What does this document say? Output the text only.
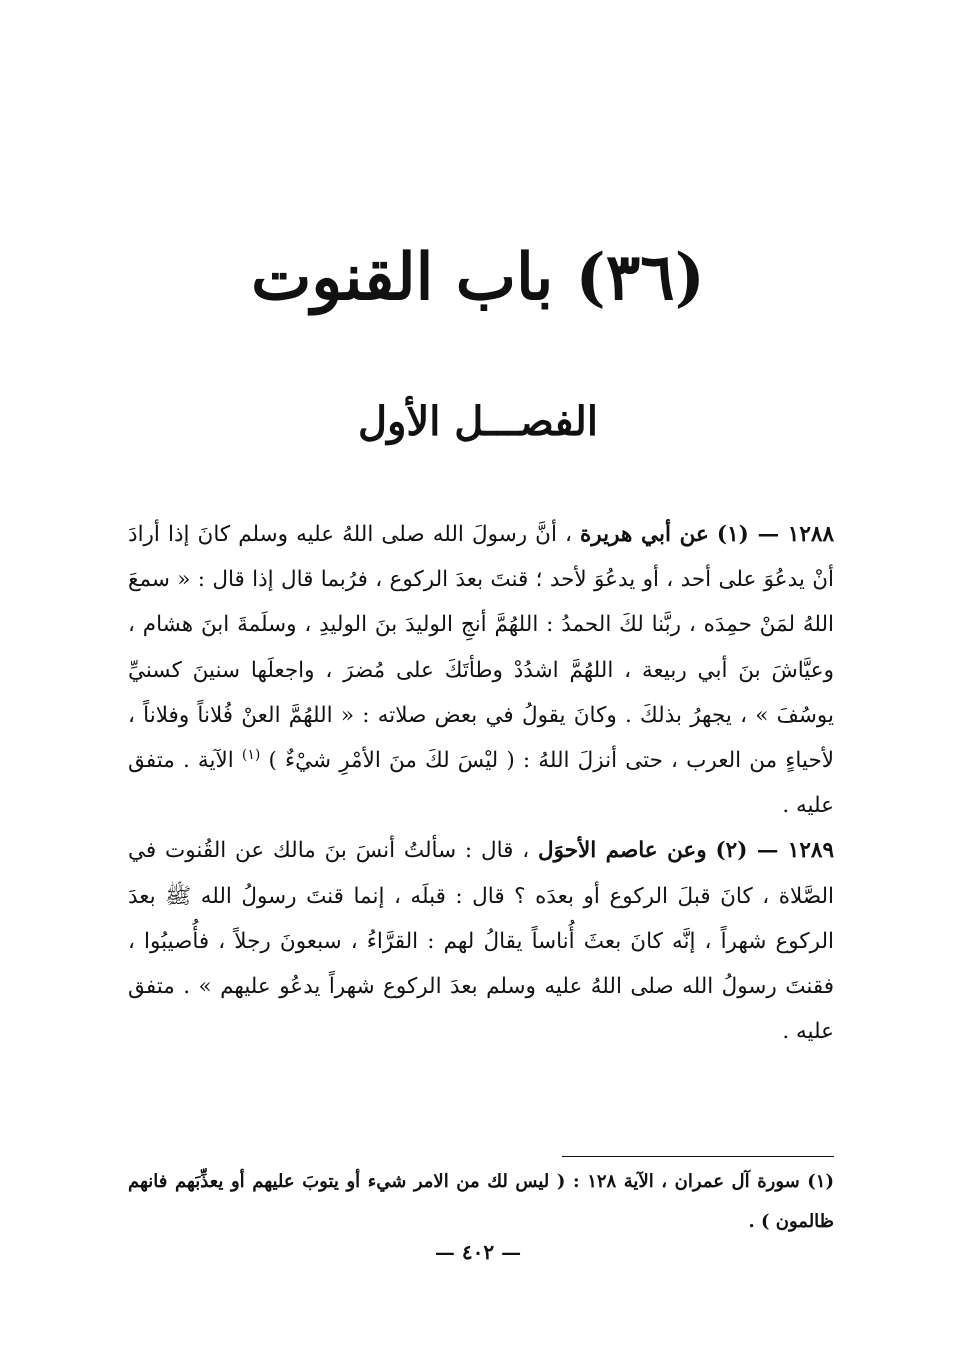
(٣٦) باب القنوت
الفصـــل الأول

١٢٨٨ — (١) عن أبي هريرة ، أنَّ رسولَ الله صلى اللهُ عليه وسلم كانَ إذا أرادَ أنْ يدعُوَ على أحد ، أو يدعُوَ لأحد ؛ قنتَ بعدَ الركوع ، فرُبما قال إذا قال : « سمعَ اللهُ لمَنْ حمِدَه ، ربَّنا لكَ الحمدُ : اللهُمَّ أنجِ الوليدَ بنَ الوليدِ ، وسلَمةَ ابنَ هشام ، وعيَّاشَ بنَ أبي ربيعة ، اللهُمَّ اشدُدْ وطأتَكَ على مُضرَ ، واجعلَها سنينَ كسنيِّ يوسُفَ » ، يجهرُ بذلكَ . وكانَ يقولُ في بعض صلاته : « اللهُمَّ العنْ فُلاناً وفلاناً ، لأحياءٍ من العرب ، حتى أنزلَ اللهُ : ( ليْسَ لكَ منَ الأمْرِ شيْءٌ ) $^{(١)}$ الآية . متفق عليه .

١٢٨٩ — (٢) وعن عاصم الأحوَل ، قال : سألتُ أنسَ بنَ مالك عن القُنوت في الصَّلاة ، كانَ قبلَ الركوع أو بعدَه ؟ قال : قبلَه ، إنما قنتَ رسولُ الله ﷺ بعدَ الركوع شهراً ، إنَّه كانَ بعثَ أُناساً يقالُ لهم : القرَّاءُ ، سبعونَ رجلاً ، فأُصيبُوا ، فقنتَ رسولُ الله صلى اللهُ عليه وسلم بعدَ الركوع شهراً يدعُو عليهم » . متفق عليه .

(١) سورة آل عمران ، الآية ١٢٨ : ( ليس لك من الامر شيء أو يتوبَ عليهم أو يعذِّبَهم فانهم ظالمون ) .
— ٤٠٢ —
